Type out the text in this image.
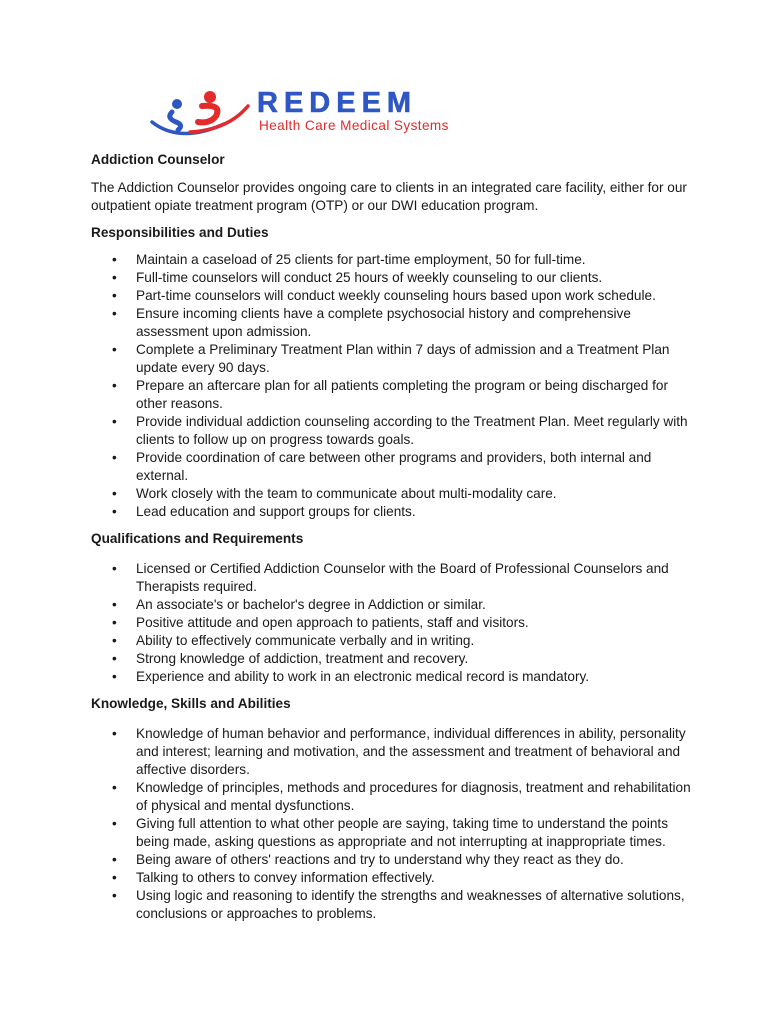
REDEEM
Health Care Medical Systems
Addiction Counselor

The Addiction Counselor provides ongoing care to clients in an integrated care facility, either for our outpatient opiate treatment program (OTP) or our DWI education program.

Responsibilities and Duties
• Maintain a caseload of 25 clients for part-time employment, 50 for full-time.
• Full-time counselors will conduct 25 hours of weekly counseling to our clients.
• Part-time counselors will conduct weekly counseling hours based upon work schedule.
• Ensure incoming clients have a complete psychosocial history and comprehensive assessment upon admission.
• Complete a Preliminary Treatment Plan within 7 days of admission and a Treatment Plan update every 90 days.
• Prepare an aftercare plan for all patients completing the program or being discharged for other reasons.
• Provide individual addiction counseling according to the Treatment Plan. Meet regularly with clients to follow up on progress towards goals.
• Provide coordination of care between other programs and providers, both internal and external.
• Work closely with the team to communicate about multi-modality care.
• Lead education and support groups for clients.
Qualifications and Requirements
• Licensed or Certified Addiction Counselor with the Board of Professional Counselors and Therapists required.
• An associate's or bachelor's degree in Addiction or similar.
• Positive attitude and open approach to patients, staff and visitors.
• Ability to effectively communicate verbally and in writing.
• Strong knowledge of addiction, treatment and recovery.
• Experience and ability to work in an electronic medical record is mandatory.
Knowledge, Skills and Abilities
• Knowledge of human behavior and performance, individual differences in ability, personality and interest; learning and motivation, and the assessment and treatment of behavioral and affective disorders.
• Knowledge of principles, methods and procedures for diagnosis, treatment and rehabilitation of physical and mental dysfunctions.
• Giving full attention to what other people are saying, taking time to understand the points being made, asking questions as appropriate and not interrupting at inappropriate times.
• Being aware of others' reactions and try to understand why they react as they do.
• Talking to others to convey information effectively.
• Using logic and reasoning to identify the strengths and weaknesses of alternative solutions, conclusions or approaches to problems.
